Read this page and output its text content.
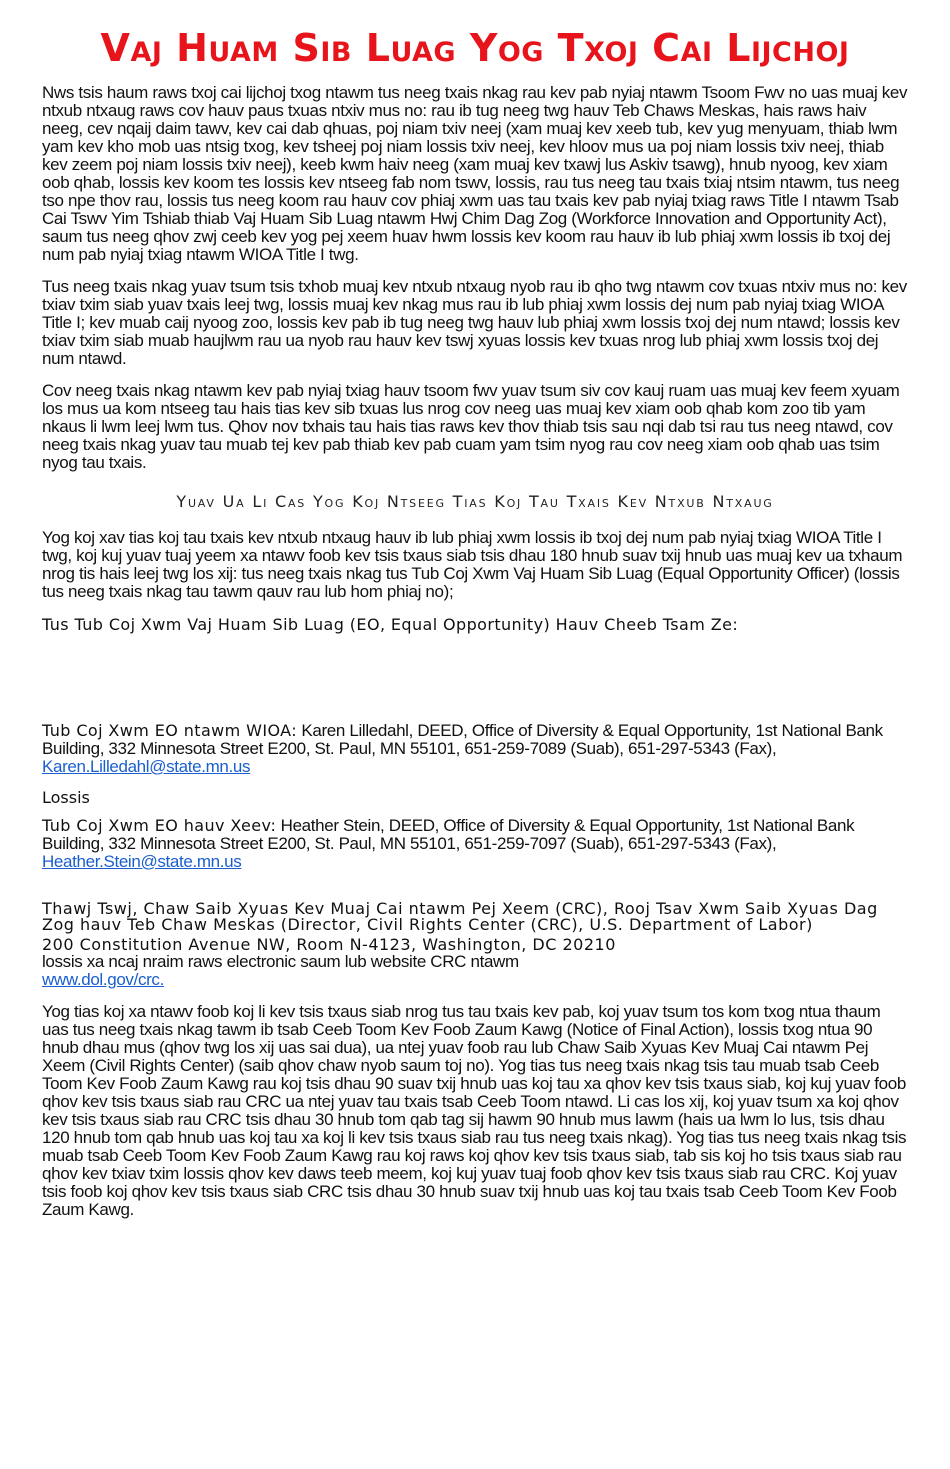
Vaj Huam Sib Luag Yog Txoj Cai Lijchoj

Nws tsis haum raws txoj cai lijchoj txog ntawm tus neeg txais nkag rau kev pab nyiaj ntawm Tsoom Fwv no uas muaj kev ntxub ntxaug raws cov hauv paus txuas ntxiv mus no: rau ib tug neeg twg hauv Teb Chaws Meskas, hais raws haiv neeg, cev nqaij daim tawv, kev cai dab qhuas, poj niam txiv neej (xam muaj kev xeeb tub, kev yug menyuam, thiab lwm yam kev kho mob uas ntsig txog, kev tsheej poj niam lossis txiv neej, kev hloov mus ua poj niam lossis txiv neej, thiab kev zeem poj niam lossis txiv neej), keeb kwm haiv neeg (xam muaj kev txawj lus Askiv tsawg), hnub nyoog, kev xiam oob qhab, lossis kev koom tes lossis kev ntseeg fab nom tswv, lossis, rau tus neeg tau txais txiaj ntsim ntawm, tus neeg tso npe thov rau, lossis tus neeg koom rau hauv cov phiaj xwm uas tau txais kev pab nyiaj txiag raws Title I ntawm Tsab Cai Tswv Yim Tshiab thiab Vaj Huam Sib Luag ntawm Hwj Chim Dag Zog (Workforce Innovation and Opportunity Act), saum tus neeg qhov zwj ceeb kev yog pej xeem huav hwm lossis kev koom rau hauv ib lub phiaj xwm lossis ib txoj dej num pab nyiaj txiag ntawm WIOA Title I twg.

Tus neeg txais nkag yuav tsum tsis txhob muaj kev ntxub ntxaug nyob rau ib qho twg ntawm cov txuas ntxiv mus no: kev txiav txim siab yuav txais leej twg, lossis muaj kev nkag mus rau ib lub phiaj xwm lossis dej num pab nyiaj txiag WIOA Title I; kev muab caij nyoog zoo, lossis kev pab ib tug neeg twg hauv lub phiaj xwm lossis txoj dej num ntawd; lossis kev txiav txim siab muab haujlwm rau ua nyob rau hauv kev tswj xyuas lossis kev txuas nrog lub phiaj xwm lossis txoj dej num ntawd.

Cov neeg txais nkag ntawm kev pab nyiaj txiag hauv tsoom fwv yuav tsum siv cov kauj ruam uas muaj kev feem xyuam los mus ua kom ntseeg tau hais tias kev sib txuas lus nrog cov neeg uas muaj kev xiam oob qhab kom zoo tib yam nkaus li lwm leej lwm tus. Qhov nov txhais tau hais tias raws kev thov thiab tsis sau nqi dab tsi rau tus neeg ntawd, cov neeg txais nkag yuav tau muab tej kev pab thiab kev pab cuam yam tsim nyog rau cov neeg xiam oob qhab uas tsim nyog tau txais.

Yuav Ua Li Cas Yog Koj Ntseeg Tias Koj Tau Txais Kev Ntxub Ntxaug

Yog koj xav tias koj tau txais kev ntxub ntxaug hauv ib lub phiaj xwm lossis ib txoj dej num pab nyiaj txiag WIOA Title I twg, koj kuj yuav tuaj yeem xa ntawv foob kev tsis txaus siab tsis dhau 180 hnub suav txij hnub uas muaj kev ua txhaum nrog tis hais leej twg los xij: tus neeg txais nkag tus Tub Coj Xwm Vaj Huam Sib Luag (Equal Opportunity Officer) (lossis tus neeg txais nkag tau tawm qauv rau lub hom phiaj no);

Tus Tub Coj Xwm Vaj Huam Sib Luag (EO, Equal Opportunity) Hauv Cheeb Tsam Ze:

Tub Coj Xwm EO ntawm WIOA: Karen Lilledahl, DEED, Office of Diversity & Equal Opportunity, 1st National Bank Building, 332 Minnesota Street E200, St. Paul, MN 55101, 651-259-7089 (Suab), 651-297-5343 (Fax), Karen.Lilledahl@state.mn.us

Lossis

Tub Coj Xwm EO hauv Xeev: Heather Stein, DEED, Office of Diversity & Equal Opportunity, 1st National Bank Building, 332 Minnesota Street E200, St. Paul, MN 55101, 651-259-7097 (Suab), 651-297-5343 (Fax), Heather.Stein@state.mn.us

Thawj Tswj, Chaw Saib Xyuas Kev Muaj Cai ntawm Pej Xeem (CRC), Rooj Tsav Xwm Saib Xyuas Dag Zog hauv Teb Chaw Meskas (Director, Civil Rights Center (CRC), U.S. Department of Labor)
200 Constitution Avenue NW, Room N-4123, Washington, DC 20210
lossis xa ncaj nraim raws electronic saum lub website CRC ntawm
www.dol.gov/crc.

Yog tias koj xa ntawv foob koj li kev tsis txaus siab nrog tus tau txais kev pab, koj yuav tsum tos kom txog ntua thaum uas tus neeg txais nkag tawm ib tsab Ceeb Toom Kev Foob Zaum Kawg (Notice of Final Action), lossis txog ntua 90 hnub dhau mus (qhov twg los xij uas sai dua), ua ntej yuav foob rau lub Chaw Saib Xyuas Kev Muaj Cai ntawm Pej Xeem (Civil Rights Center) (saib qhov chaw nyob saum toj no). Yog tias tus neeg txais nkag tsis tau muab tsab Ceeb Toom Kev Foob Zaum Kawg rau koj tsis dhau 90 suav txij hnub uas koj tau xa qhov kev tsis txaus siab, koj kuj yuav foob qhov kev tsis txaus siab rau CRC ua ntej yuav tau txais tsab Ceeb Toom ntawd. Li cas los xij, koj yuav tsum xa koj qhov kev tsis txaus siab rau CRC tsis dhau 30 hnub tom qab tag sij hawm 90 hnub mus lawm (hais ua lwm lo lus, tsis dhau 120 hnub tom qab hnub uas koj tau xa koj li kev tsis txaus siab rau tus neeg txais nkag). Yog tias tus neeg txais nkag tsis muab tsab Ceeb Toom Kev Foob Zaum Kawg rau koj raws koj qhov kev tsis txaus siab, tab sis koj ho tsis txaus siab rau qhov kev txiav txim lossis qhov kev daws teeb meem, koj kuj yuav tuaj foob qhov kev tsis txaus siab rau CRC. Koj yuav tsis foob koj qhov kev tsis txaus siab CRC tsis dhau 30 hnub suav txij hnub uas koj tau txais tsab Ceeb Toom Kev Foob Zaum Kawg.
